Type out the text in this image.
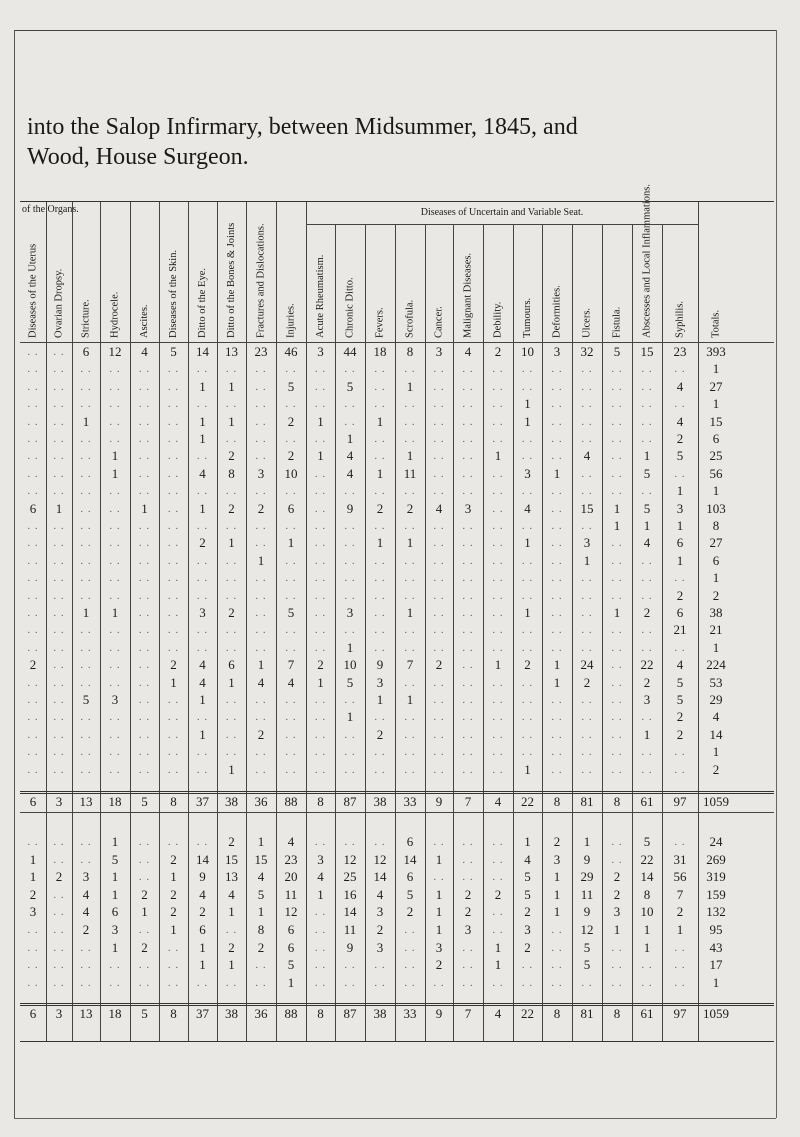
into the Salop Infirmary, between Midsummer, 1845, and
Wood, House Surgeon.
of the Organs.	Diseases of Uncertain and Variable Seat.
Diseases of the Uterus	Ovarian Dropsy.	Stricture.	Hydrocele.	Ascites.	Diseases of the Skin.	Ditto of the Eye.	Ditto of the Bones & Joints	Fractures and Dislocations.	Injuries.	Acute Rheumatism.	Chronic Ditto.	Fevers.	Scrofula.	Cancer.	Malignant Diseases.	Debility.	Tumours.	Deformities.	Ulcers.	Fistula.	Abscesses and Local Inflammations.	Syphilis.	Totals.
. .	. .	6	12	4	5	14	13	23	46	3	44	18	8	3	4	2	10	3	32	5	15	23	393
. .	. .	. .	. .	. .	. .	. .	. .	. .	. .	. .	. .	. .	. .	. .	. .	. .	. .	. .	. .	. .	. .	. .	1
. .	. .	. .	. .	. .	. .	1	1	. .	5	. .	5	. .	1	. .	. .	. .	. .	. .	. .	. .	. .	4	27
. .	. .	. .	. .	. .	. .	. .	. .	. .	. .	. .	. .	. .	. .	. .	. .	. .	1	. .	. .	. .	. .	. .	1
. .	. .	1	. .	. .	. .	1	1	. .	2	1	. .	1	. .	. .	. .	. .	1	. .	. .	. .	. .	4	15
. .	. .	. .	. .	. .	. .	1	. .	. .	. .	. .	1	. .	. .	. .	. .	. .	. .	. .	. .	. .	. .	2	6
. .	. .	. .	1	. .	. .	. .	2	. .	2	1	4	. .	1	. .	. .	1	. .	. .	4	. .	1	5	25
. .	. .	. .	1	. .	. .	4	8	3	10	. .	4	1	11	. .	. .	. .	3	1	. .	. .	5	. .	56
. .	. .	. .	. .	. .	. .	. .	. .	. .	. .	. .	. .	. .	. .	. .	. .	. .	. .	. .	. .	. .	. .	1	1
6	1	. .	. .	1	. .	1	2	2	6	. .	9	2	2	4	3	. .	4	. .	15	1	5	3	103
. .	. .	. .	. .	. .	. .	. .	. .	. .	. .	. .	. .	. .	. .	. .	. .	. .	. .	. .	. .	1	1	1	8
. .	. .	. .	. .	. .	. .	2	1	. .	1	. .	. .	1	1	. .	. .	. .	1	. .	3	. .	4	6	27
. .	. .	. .	. .	. .	. .	. .	. .	1	. .	. .	. .	. .	. .	. .	. .	. .	. .	. .	1	. .	. .	1	6
. .	. .	. .	. .	. .	. .	. .	. .	. .	. .	. .	. .	. .	. .	. .	. .	. .	. .	. .	. .	. .	. .	. .	1
. .	. .	. .	. .	. .	. .	. .	. .	. .	. .	. .	. .	. .	. .	. .	. .	. .	. .	. .	. .	. .	. .	2	2
. .	. .	1	1	. .	. .	3	2	. .	5	. .	3	. .	1	. .	. .	. .	1	. .	. .	1	2	6	38
. .	. .	. .	. .	. .	. .	. .	. .	. .	. .	. .	. .	. .	. .	. .	. .	. .	. .	. .	. .	. .	. .	21	21
. .	. .	. .	. .	. .	. .	. .	. .	. .	. .	. .	1	. .	. .	. .	. .	. .	. .	. .	. .	. .	. .	. .	1
2	. .	. .	. .	. .	2	4	6	1	7	2	10	9	7	2	. .	1	2	1	24	. .	22	4	224
. .	. .	. .	. .	. .	1	4	1	4	4	1	5	3	. .	. .	. .	. .	. .	1	2	. .	2	5	53
. .	. .	5	3	. .	. .	1	. .	. .	. .	. .	. .	1	1	. .	. .	. .	. .	. .	. .	. .	3	5	29
. .	. .	. .	. .	. .	. .	. .	. .	. .	. .	. .	1	. .	. .	. .	. .	. .	. .	. .	. .	. .	. .	2	4
. .	. .	. .	. .	. .	. .	1	. .	2	. .	. .	. .	2	. .	. .	. .	. .	. .	. .	. .	. .	1	2	14
. .	. .	. .	. .	. .	. .	. .	. .	. .	. .	. .	. .	. .	. .	. .	. .	. .	. .	. .	. .	. .	. .	. .	1
. .	. .	. .	. .	. .	. .	. .	1	. .	. .	. .	. .	. .	. .	. .	. .	. .	1	. .	. .	. .	. .	. .	2
6	3	13	18	5	8	37	38	36	88	8	87	38	33	9	7	4	22	8	81	8	61	97	1059
. .	. .	. .	1	. .	. .	. .	2	1	4	. .	. .	. .	6	. .	. .	. .	1	2	1	. .	5	. .	24
1	. .	. .	5	. .	2	14	15	15	23	3	12	12	14	1	. .	. .	4	3	9	. .	22	31	269
1	2	3	1	. .	1	9	13	4	20	4	25	14	6	. .	. .	. .	5	1	29	2	14	56	319
2	. .	4	1	2	2	4	4	5	11	1	16	4	5	1	2	2	5	1	11	2	8	7	159
3	. .	4	6	1	2	2	1	1	12	. .	14	3	2	1	2	. .	2	1	9	3	10	2	132
. .	. .	2	3	. .	1	6	. .	8	6	. .	11	2	. .	1	3	. .	3	. .	12	1	1	1	95
. .	. .	. .	1	2	. .	1	2	2	6	. .	9	3	. .	3	. .	1	2	. .	5	. .	1	. .	43
. .	. .	. .	. .	. .	. .	1	1	. .	5	. .	. .	. .	. .	2	. .	1	. .	. .	5	. .	. .	. .	17
. .	. .	. .	. .	. .	. .	. .	. .	. .	1	. .	. .	. .	. .	. .	. .	. .	. .	. .	. .	. .	. .	. .	1
6	3	13	18	5	8	37	38	36	88	8	87	38	33	9	7	4	22	8	81	8	61	97	1059
